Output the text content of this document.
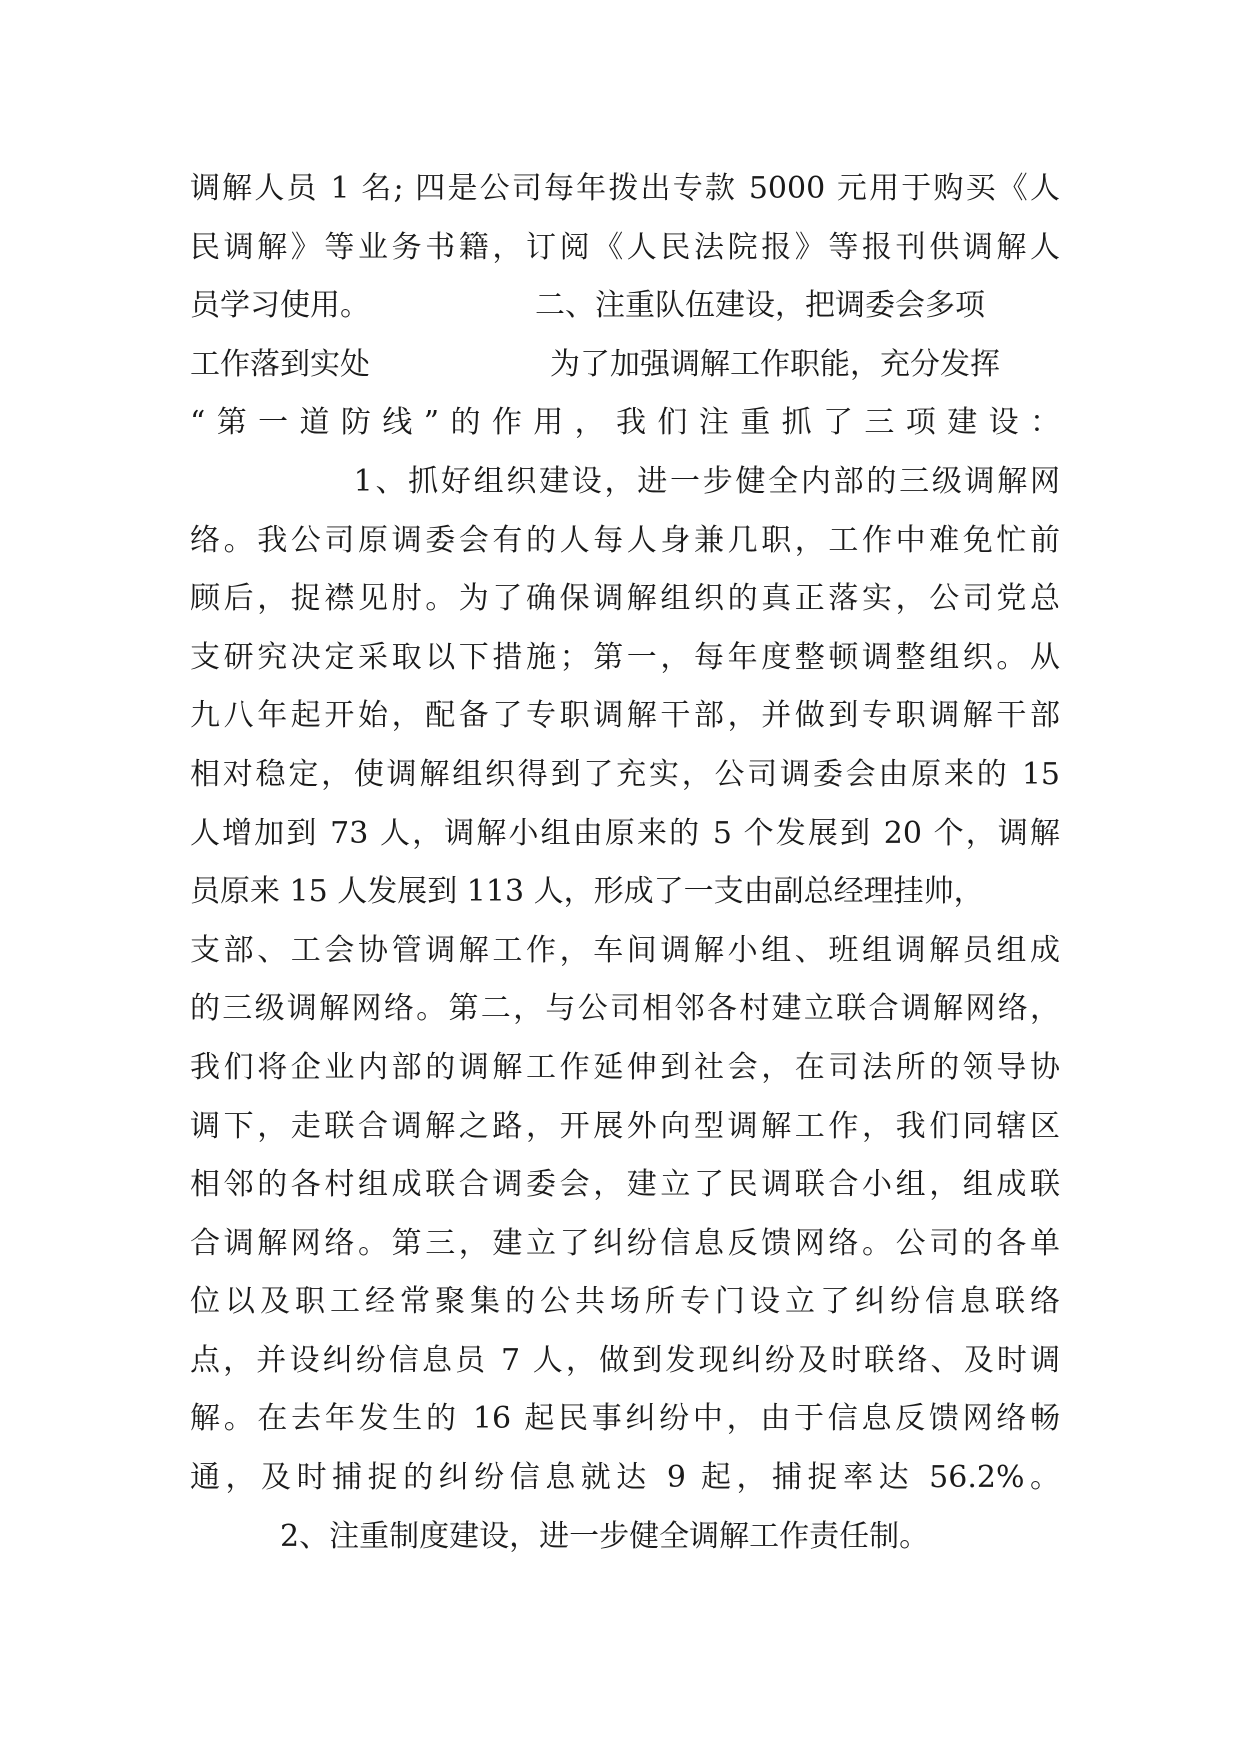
调解人员 1 名; 四是公司每年拨出专款 5000 元用于购买《人
民调解》等业务书籍，订阅《人民法院报》等报刊供调解人
员学习使用。　　　　　　二、注重队伍建设，把调委会多项
工作落到实处　　　　　　为了加强调解工作职能，充分发挥
“第一道防线”的作用，我们注重抓了三项建设：
　　　　　1、抓好组织建设，进一步健全内部的三级调解网
络。我公司原调委会有的人每人身兼几职，工作中难免忙前
顾后，捉襟见肘。为了确保调解组织的真正落实，公司党总
支研究决定采取以下措施；第一，每年度整顿调整组织。从
九八年起开始，配备了专职调解干部，并做到专职调解干部
相对稳定，使调解组织得到了充实，公司调委会由原来的 15
人增加到 73 人，调解小组由原来的 5 个发展到 20 个，调解
员原来 15 人发展到 113 人，形成了一支由副总经理挂帅，
支部、工会协管调解工作，车间调解小组、班组调解员组成
的三级调解网络。第二，与公司相邻各村建立联合调解网络，
我们将企业内部的调解工作延伸到社会，在司法所的领导协
调下，走联合调解之路，开展外向型调解工作，我们同辖区
相邻的各村组成联合调委会，建立了民调联合小组，组成联
合调解网络。第三，建立了纠纷信息反馈网络。公司的各单
位以及职工经常聚集的公共场所专门设立了纠纷信息联络
点，并设纠纷信息员 7 人，做到发现纠纷及时联络、及时调
解。在去年发生的 16 起民事纠纷中，由于信息反馈网络畅
通，及时捕捉的纠纷信息就达 9 起，捕捉率达 56.2%。
　　　2、注重制度建设，进一步健全调解工作责任制。
